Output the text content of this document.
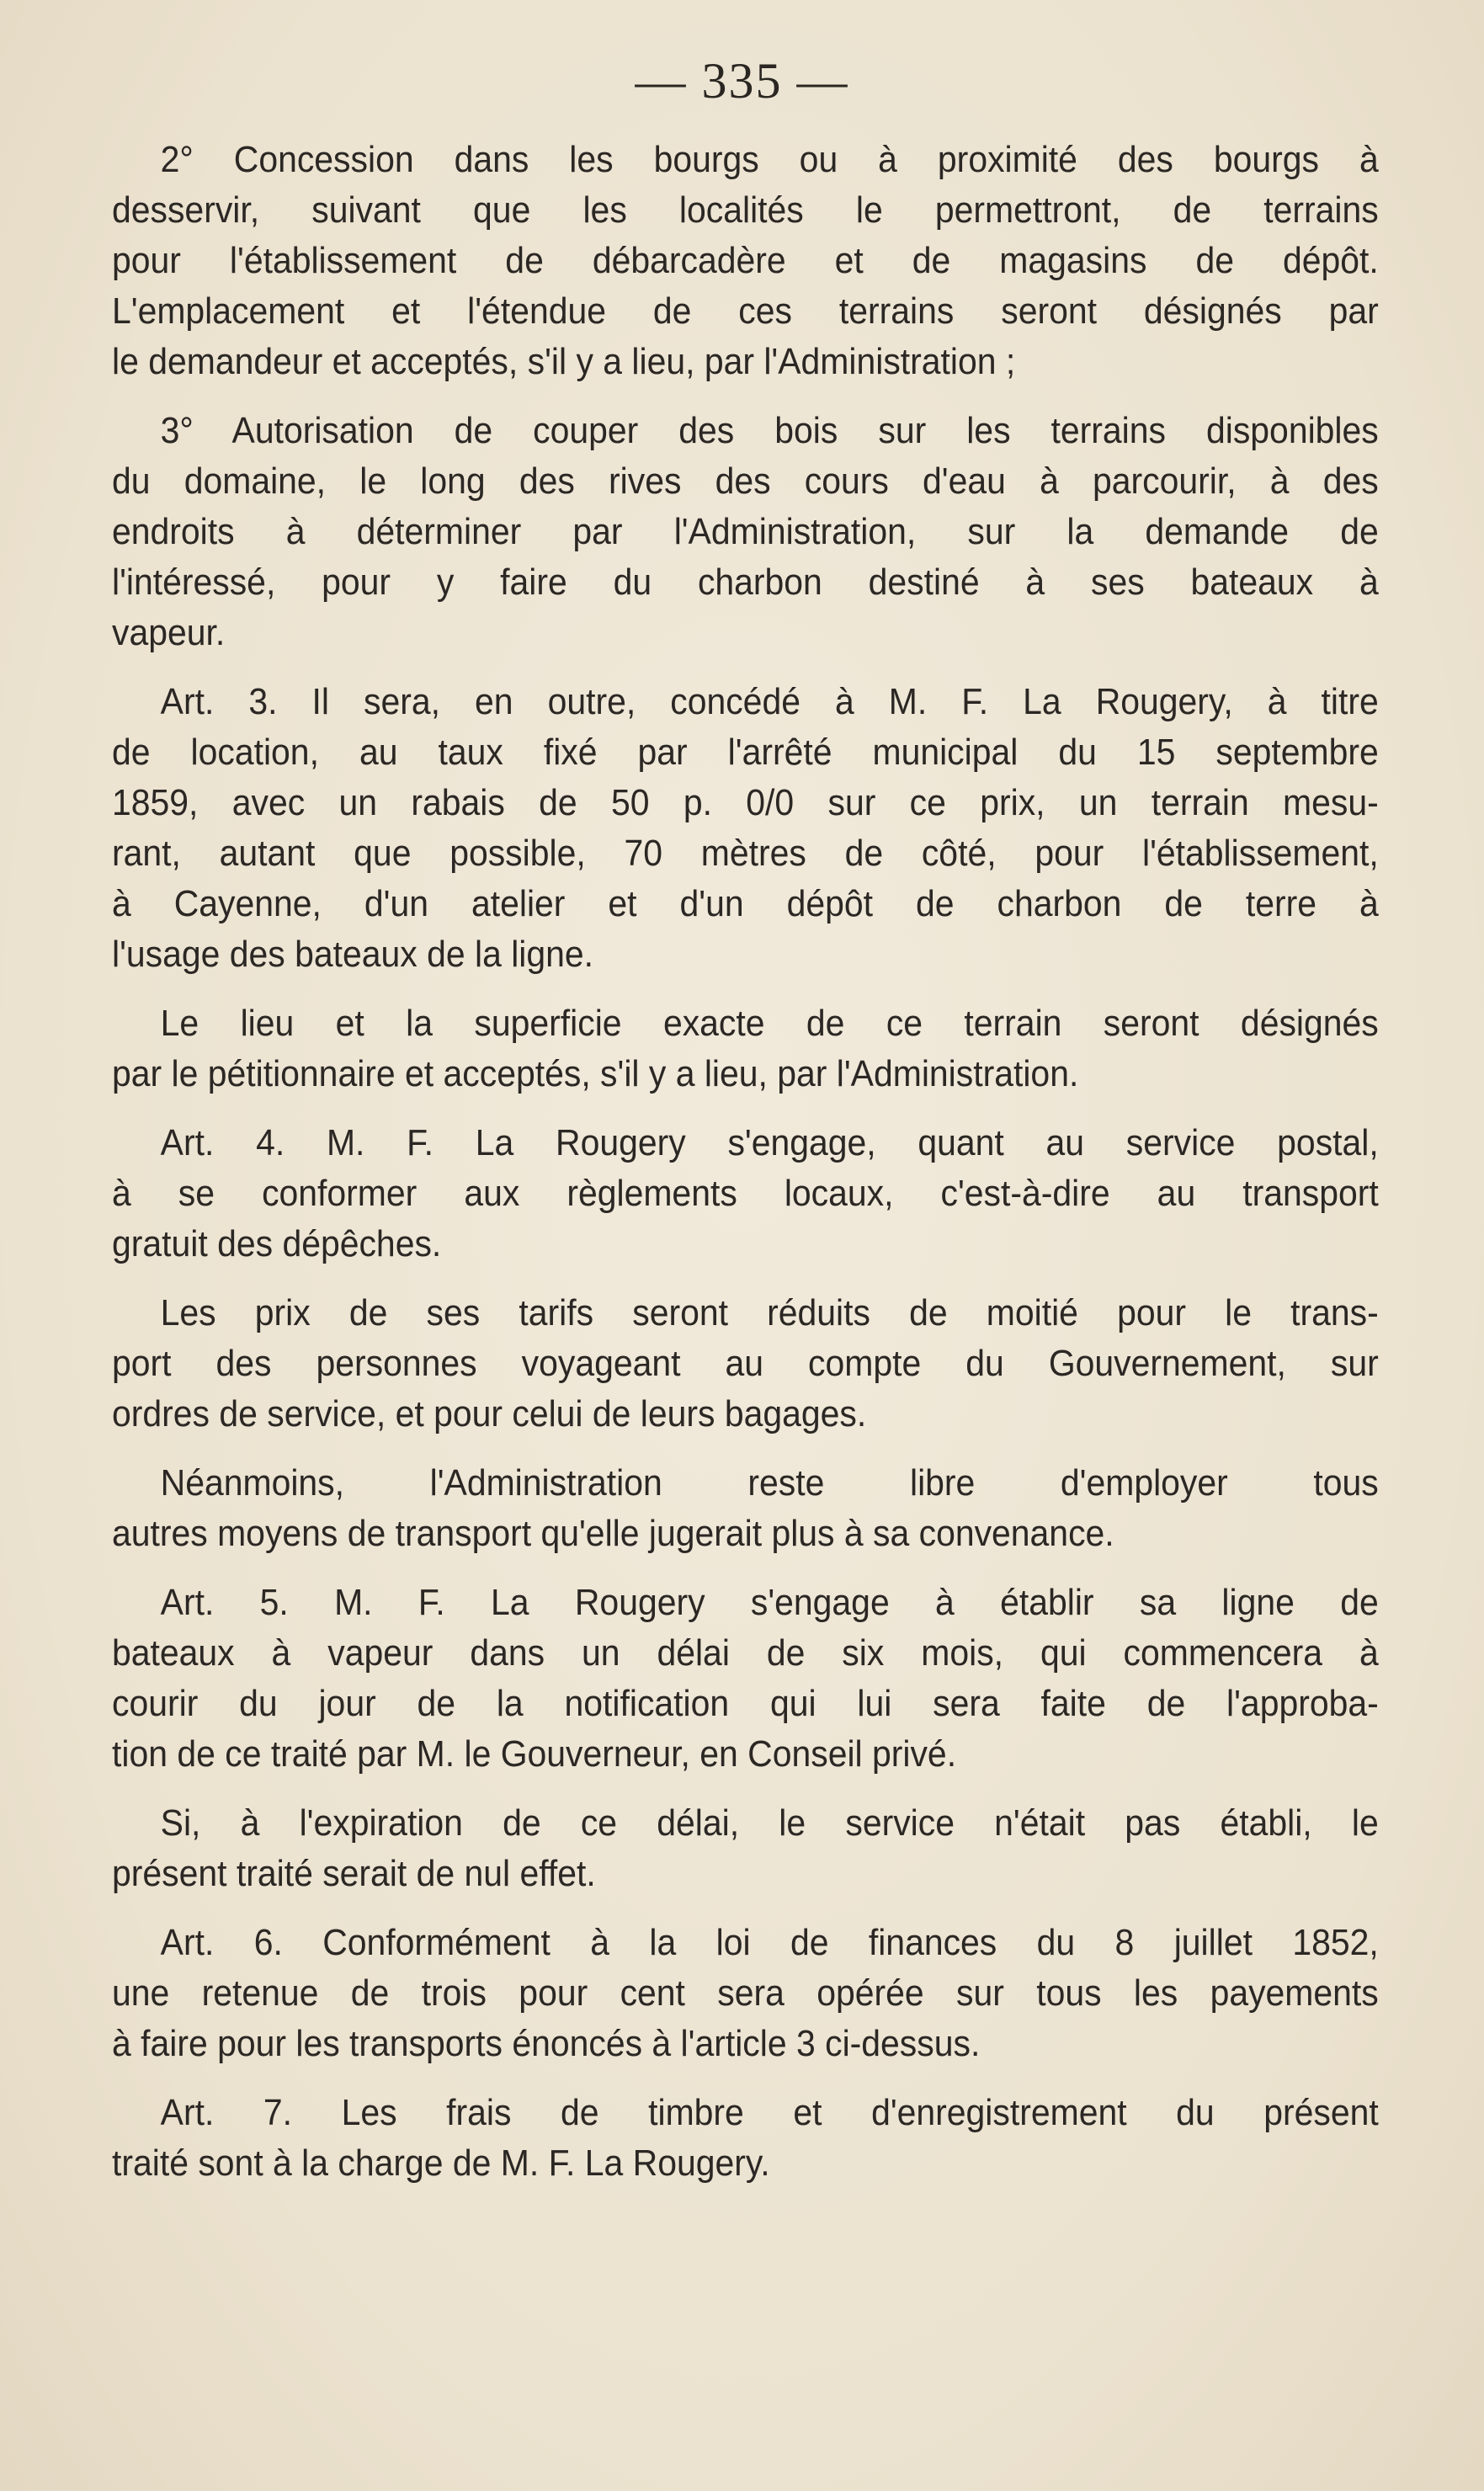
— 335 —
2° Concession dans les bourgs ou à proximité des bourgs à
desservir, suivant que les localités le permettront, de terrains
pour l'établissement de débarcadère et de magasins de dépôt.
L'emplacement et l'étendue de ces terrains seront désignés par
le demandeur et acceptés, s'il y a lieu, par l'Administration ;
3° Autorisation de couper des bois sur les terrains disponibles
du domaine, le long des rives des cours d'eau à parcourir, à des
endroits à déterminer par l'Administration, sur la demande de
l'intéressé, pour y faire du charbon destiné à ses bateaux à
vapeur.
Art. 3. Il sera, en outre, concédé à M. F. La Rougery, à titre
de location, au taux fixé par l'arrêté municipal du 15 septembre
1859, avec un rabais de 50 p. 0/0 sur ce prix, un terrain mesu-
rant, autant que possible, 70 mètres de côté, pour l'établissement,
à Cayenne, d'un atelier et d'un dépôt de charbon de terre à
l'usage des bateaux de la ligne.
Le lieu et la superficie exacte de ce terrain seront désignés
par le pétitionnaire et acceptés, s'il y a lieu, par l'Administration.
Art. 4. M. F. La Rougery s'engage, quant au service postal,
à se conformer aux règlements locaux, c'est-à-dire au transport
gratuit des dépêches.
Les prix de ses tarifs seront réduits de moitié pour le trans-
port des personnes voyageant au compte du Gouvernement, sur
ordres de service, et pour celui de leurs bagages.
Néanmoins, l'Administration reste libre d'employer tous
autres moyens de transport qu'elle jugerait plus à sa convenance.
Art. 5. M. F. La Rougery s'engage à établir sa ligne de
bateaux à vapeur dans un délai de six mois, qui commencera à
courir du jour de la notification qui lui sera faite de l'approba-
tion de ce traité par M. le Gouverneur, en Conseil privé.
Si, à l'expiration de ce délai, le service n'était pas établi, le
présent traité serait de nul effet.
Art. 6. Conformément à la loi de finances du 8 juillet 1852,
une retenue de trois pour cent sera opérée sur tous les payements
à faire pour les transports énoncés à l'article 3 ci-dessus.
Art. 7. Les frais de timbre et d'enregistrement du présent
traité sont à la charge de M. F. La Rougery.
